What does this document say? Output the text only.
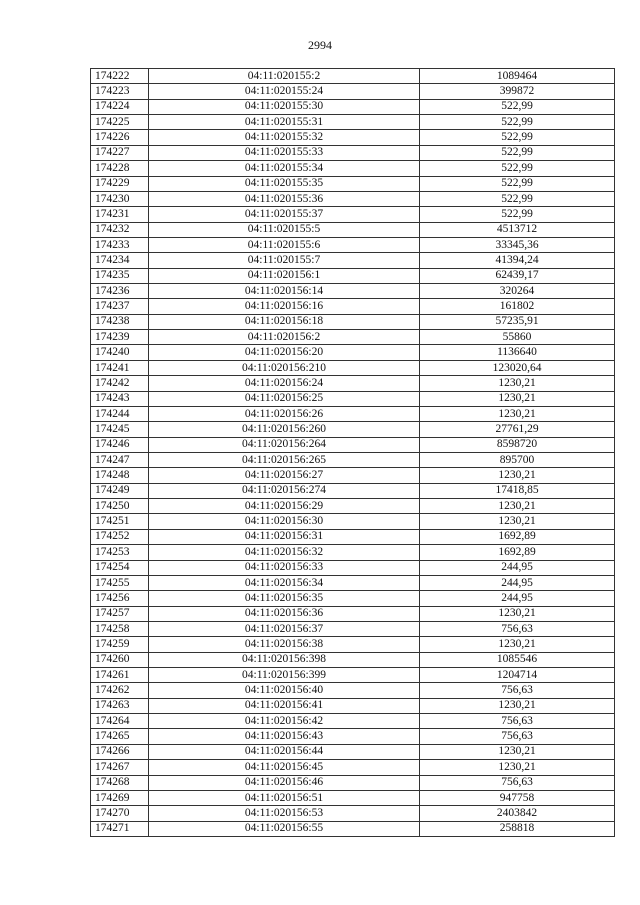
2994
174222	04:11:020155:2	1089464
174223	04:11:020155:24	399872
174224	04:11:020155:30	522,99
174225	04:11:020155:31	522,99
174226	04:11:020155:32	522,99
174227	04:11:020155:33	522,99
174228	04:11:020155:34	522,99
174229	04:11:020155:35	522,99
174230	04:11:020155:36	522,99
174231	04:11:020155:37	522,99
174232	04:11:020155:5	4513712
174233	04:11:020155:6	33345,36
174234	04:11:020155:7	41394,24
174235	04:11:020156:1	62439,17
174236	04:11:020156:14	320264
174237	04:11:020156:16	161802
174238	04:11:020156:18	57235,91
174239	04:11:020156:2	55860
174240	04:11:020156:20	1136640
174241	04:11:020156:210	123020,64
174242	04:11:020156:24	1230,21
174243	04:11:020156:25	1230,21
174244	04:11:020156:26	1230,21
174245	04:11:020156:260	27761,29
174246	04:11:020156:264	8598720
174247	04:11:020156:265	895700
174248	04:11:020156:27	1230,21
174249	04:11:020156:274	17418,85
174250	04:11:020156:29	1230,21
174251	04:11:020156:30	1230,21
174252	04:11:020156:31	1692,89
174253	04:11:020156:32	1692,89
174254	04:11:020156:33	244,95
174255	04:11:020156:34	244,95
174256	04:11:020156:35	244,95
174257	04:11:020156:36	1230,21
174258	04:11:020156:37	756,63
174259	04:11:020156:38	1230,21
174260	04:11:020156:398	1085546
174261	04:11:020156:399	1204714
174262	04:11:020156:40	756,63
174263	04:11:020156:41	1230,21
174264	04:11:020156:42	756,63
174265	04:11:020156:43	756,63
174266	04:11:020156:44	1230,21
174267	04:11:020156:45	1230,21
174268	04:11:020156:46	756,63
174269	04:11:020156:51	947758
174270	04:11:020156:53	2403842
174271	04:11:020156:55	258818
